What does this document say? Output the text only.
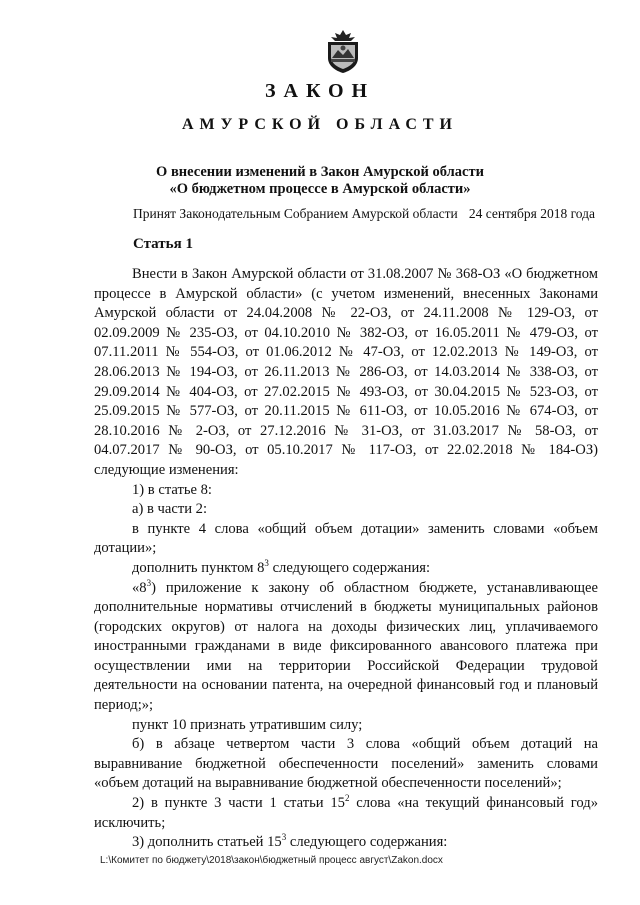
ЗАКОН
АМУРСКОЙ ОБЛАСТИ
О внесении изменений в Закон Амурской области
«О бюджетном процессе в Амурской области»
Принят Законодательным Собранием Амурской области 24 сентября 2018 года
Статья 1

Внести в Закон Амурской области от 31.08.2007 № 368-ОЗ «О бюджетном процессе в Амурской области» (с учетом изменений, внесенных Законами Амурской области от 24.04.2008 № 22-ОЗ, от 24.11.2008 № 129-ОЗ, от 02.09.2009 № 235-ОЗ, от 04.10.2010 № 382-ОЗ, от 16.05.2011 № 479-ОЗ, от 07.11.2011 № 554-ОЗ, от 01.06.2012 № 47-ОЗ, от 12.02.2013 № 149-ОЗ, от 28.06.2013 № 194-ОЗ, от 26.11.2013 № 286-ОЗ, от 14.03.2014 № 338-ОЗ, от 29.09.2014 № 404-ОЗ, от 27.02.2015 № 493-ОЗ, от 30.04.2015 № 523-ОЗ, от 25.09.2015 № 577-ОЗ, от 20.11.2015 № 611-ОЗ, от 10.05.2016 № 674-ОЗ, от 28.10.2016 № 2-ОЗ, от 27.12.2016 № 31-ОЗ, от 31.03.2017 № 58-ОЗ, от 04.07.2017 № 90-ОЗ, от 05.10.2017 № 117-ОЗ, от 22.02.2018 № 184-ОЗ) следующие изменения:

1) в статье 8:

а) в части 2:

в пункте 4 слова «общий объем дотации» заменить словами «объем дотации»;

дополнить пунктом $8^3$ следующего содержания:

«$8^3$) приложение к закону об областном бюджете, устанавливающее дополнительные нормативы отчислений в бюджеты муниципальных районов (городских округов) от налога на доходы физических лиц, уплачиваемого иностранными гражданами в виде фиксированного авансового платежа при осуществлении ими на территории Российской Федерации трудовой деятельности на основании патента, на очередной финансовый год и плановый период;»;

пункт 10 признать утратившим силу;

б) в абзаце четвертом части 3 слова «общий объем дотаций на выравнивание бюджетной обеспеченности поселений» заменить словами «объем дотаций на выравнивание бюджетной обеспеченности поселений»;

2) в пункте 3 части 1 статьи $15^2$ слова «на текущий финансовый год» исключить;

3) дополнить статьей $15^3$ следующего содержания:

L:\Комитет по бюджету\2018\закон\бюджетный процесс август\Zakon.docx
